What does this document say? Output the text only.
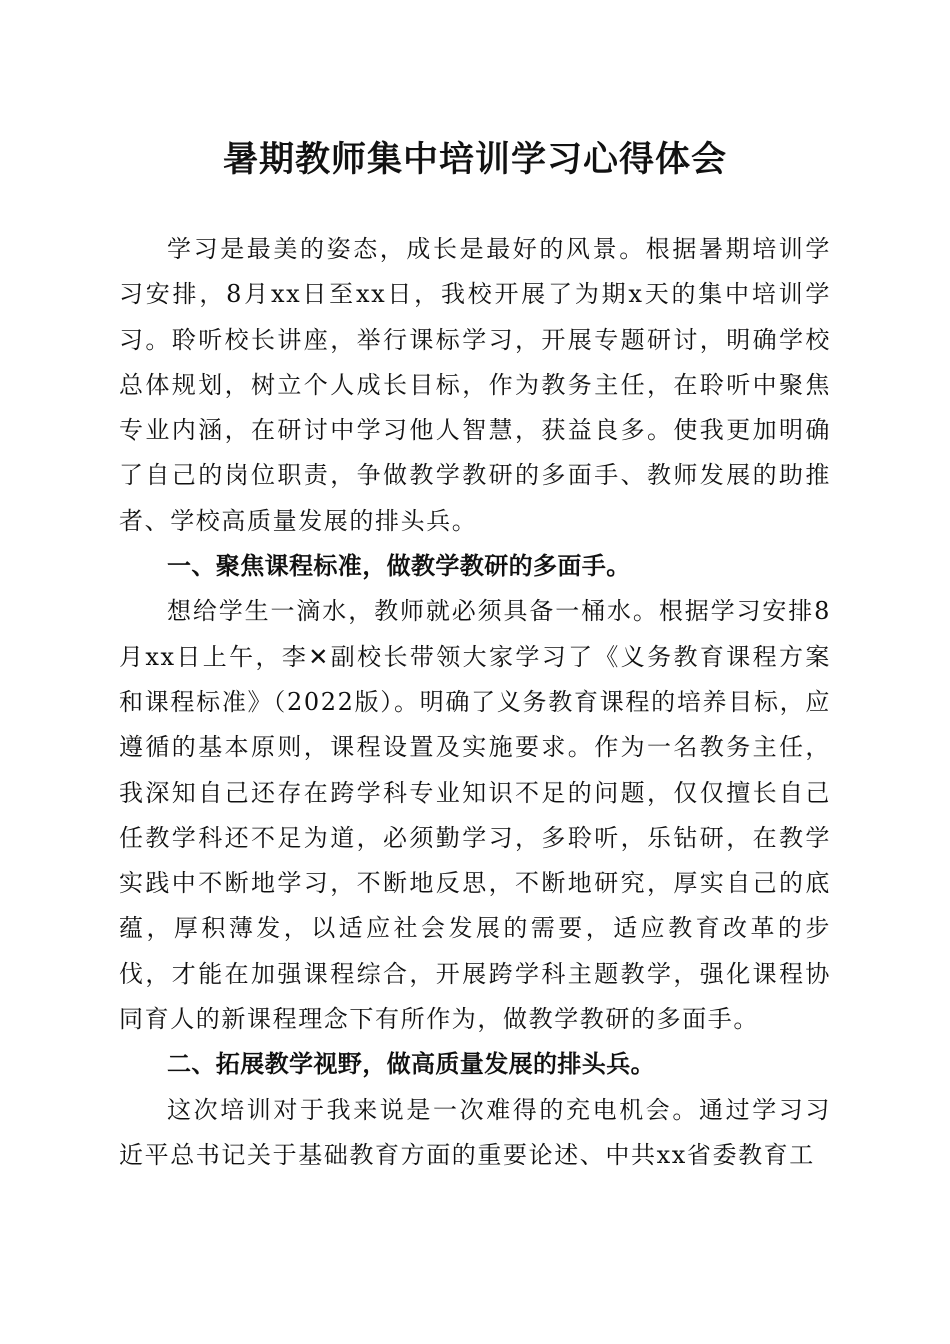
暑期教师集中培训学习心得体会

学习是最美的姿态，成长是最好的风景。根据暑期培训学习安排，8月xx日至xx日，我校开展了为期x天的集中培训学习。聆听校长讲座，举行课标学习，开展专题研讨，明确学校总体规划，树立个人成长目标，作为教务主任，在聆听中聚焦专业内涵，在研讨中学习他人智慧，获益良多。使我更加明确了自己的岗位职责，争做教学教研的多面手、教师发展的助推者、学校高质量发展的排头兵。

一、聚焦课程标准，做教学教研的多面手。

想给学生一滴水，教师就必须具备一桶水。根据学习安排8月xx日上午，李✕副校长带领大家学习了《义务教育课程方案和课程标准》（2022版）。明确了义务教育课程的培养目标，应遵循的基本原则，课程设置及实施要求。作为一名教务主任，我深知自己还存在跨学科专业知识不足的问题，仅仅擅长自己任教学科还不足为道，必须勤学习，多聆听，乐钻研，在教学实践中不断地学习，不断地反思，不断地研究，厚实自己的底蕴，厚积薄发，以适应社会发展的需要，适应教育改革的步伐，才能在加强课程综合，开展跨学科主题教学，强化课程协同育人的新课程理念下有所作为，做教学教研的多面手。

二、拓展教学视野，做高质量发展的排头兵。

这次培训对于我来说是一次难得的充电机会。通过学习习近平总书记关于基础教育方面的重要论述、中共xx省委教育工
